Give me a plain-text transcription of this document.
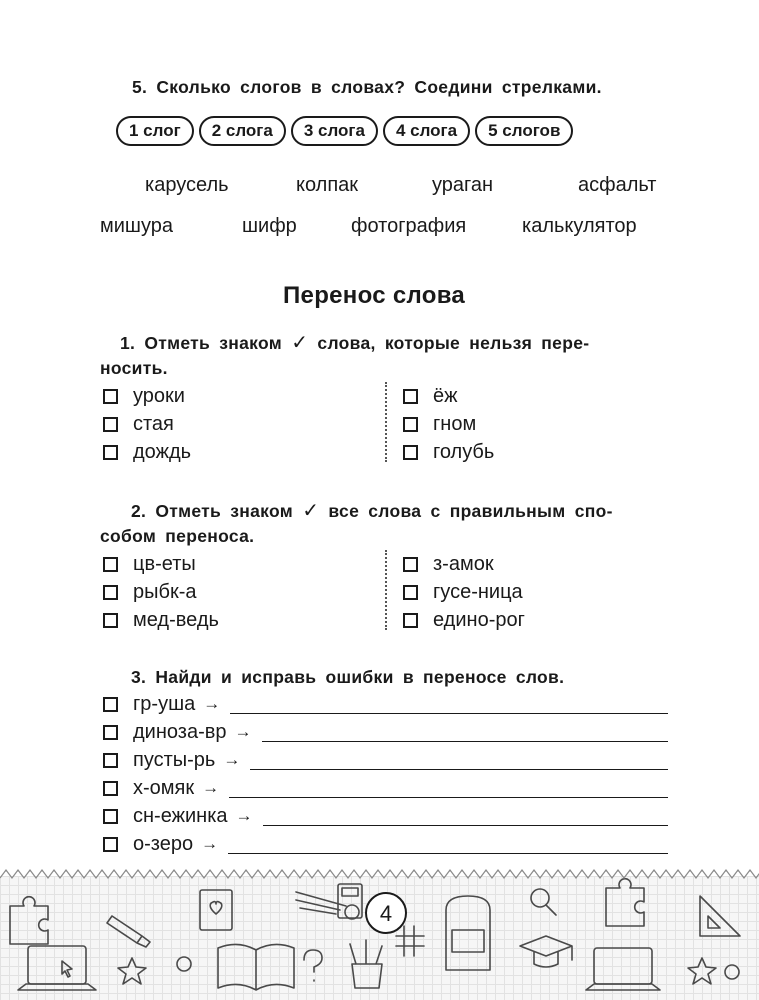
5. Сколько слогов в словах? Соедини стрелками.
1 слог	2 слога	3 слога	4 слога	5 слогов
карусель	колпак	ураган	асфальт
мишура	шифр	фотография	калькулятор
Перенос слова
1. Отметь знаком ✓ слова, которые нельзя пере-
носить.
уроки
стая
дождь
ёж
гном
голубь
2. Отметь знаком ✓ все слова с правильным спо-
собом переноса.
цв-еты
рыбк-а
мед-ведь
з-амок
гусе-ница
едино-рог
3. Найди и исправь ошибки в переносе слов.
гр-уша →
диноза-вр →
пусты-рь →
х-омяк →
сн-ежинка →
о-зеро →
4
